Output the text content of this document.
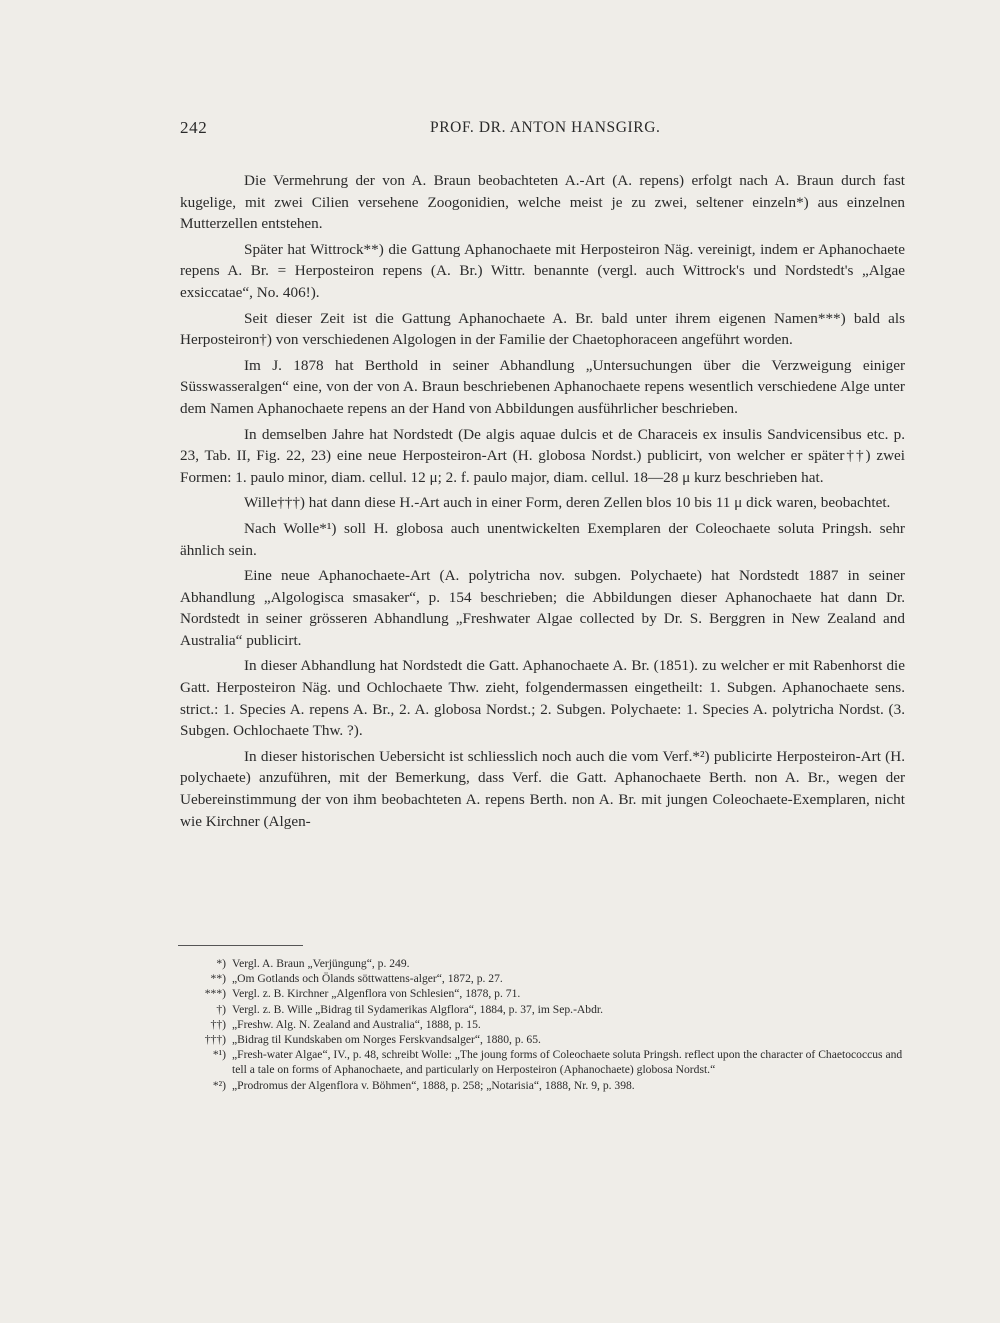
242	PROF. DR. ANTON HANSGIRG.

Die Vermehrung der von A. Braun beobachteten A.-Art (A. repens) erfolgt nach A. Braun durch fast kugelige, mit zwei Cilien versehene Zoogonidien, welche meist je zu zwei, seltener einzeln*) aus einzelnen Mutterzellen entstehen.

Später hat Wittrock**) die Gattung Aphanochaete mit Herposteiron Näg. vereinigt, indem er Aphanochaete repens A. Br. = Herposteiron repens (A. Br.) Wittr. benannte (vergl. auch Wittrock's und Nordstedt's „Algae exsiccatae“, No. 406!).

Seit dieser Zeit ist die Gattung Aphanochaete A. Br. bald unter ihrem eigenen Namen***) bald als Herposteiron†) von verschiedenen Algologen in der Familie der Chaetophoraceen angeführt worden.

Im J. 1878 hat Berthold in seiner Abhandlung „Untersuchungen über die Verzweigung einiger Süsswasseralgen“ eine, von der von A. Braun beschriebenen Aphanochaete repens wesentlich verschiedene Alge unter dem Namen Aphanochaete repens an der Hand von Abbildungen ausführlicher beschrieben.

In demselben Jahre hat Nordstedt (De algis aquae dulcis et de Characeis ex insulis Sandvicensibus etc. p. 23, Tab. II, Fig. 22, 23) eine neue Herposteiron-Art (H. globosa Nordst.) publicirt, von welcher er später††) zwei Formen: 1. paulo minor, diam. cellul. 12 μ; 2. f. paulo major, diam. cellul. 18—28 μ kurz beschrieben hat.

Wille†††) hat dann diese H.-Art auch in einer Form, deren Zellen blos 10 bis 11 μ dick waren, beobachtet.

Nach Wolle*¹) soll H. globosa auch unentwickelten Exemplaren der Coleochaete soluta Pringsh. sehr ähnlich sein.

Eine neue Aphanochaete-Art (A. polytricha nov. subgen. Polychaete) hat Nordstedt 1887 in seiner Abhandlung „Algologisca smasaker“, p. 154 beschrieben; die Abbildungen dieser Aphanochaete hat dann Dr. Nordstedt in seiner grösseren Abhandlung „Freshwater Algae collected by Dr. S. Berggren in New Zealand and Australia“ publicirt.

In dieser Abhandlung hat Nordstedt die Gatt. Aphanochaete A. Br. (1851). zu welcher er mit Rabenhorst die Gatt. Herposteiron Näg. und Ochlochaete Thw. zieht, folgendermassen eingetheilt: 1. Subgen. Aphanochaete sens. strict.: 1. Species A. repens A. Br., 2. A. globosa Nordst.; 2. Subgen. Polychaete: 1. Species A. polytricha Nordst. (3. Subgen. Ochlochaete Thw. ?).

In dieser historischen Uebersicht ist schliesslich noch auch die vom Verf.*²) publicirte Herposteiron-Art (H. polychaete) anzuführen, mit der Bemerkung, dass Verf. die Gatt. Aphanochaete Berth. non A. Br., wegen der Uebereinstimmung der von ihm beobachteten A. repens Berth. non A. Br. mit jungen Coleochaete-Exemplaren, nicht wie Kirchner (Algen-

*) Vergl. A. Braun „Verjüngung“, p. 249.
**) „Om Gotlands och Ölands söttwattens-alger“, 1872, p. 27.
***) Vergl. z. B. Kirchner „Algenflora von Schlesien“, 1878, p. 71.
†) Vergl. z. B. Wille „Bidrag til Sydamerikas Algflora“, 1884, p. 37, im Sep.-Abdr.
††) „Freshw. Alg. N. Zealand and Australia“, 1888, p. 15.
†††) „Bidrag til Kundskaben om Norges Ferskvandsalger“, 1880, p. 65.
*¹) „Fresh-water Algae“, IV., p. 48, schreibt Wolle: „The joung forms of Coleochaete soluta Pringsh. reflect upon the character of Chaetococcus and tell a tale on forms of Aphanochaete, and particularly on Herposteiron (Aphanochaete) globosa Nordst.“
*²) „Prodromus der Algenflora v. Böhmen“, 1888, p. 258; „Notarisia“, 1888, Nr. 9, p. 398.
